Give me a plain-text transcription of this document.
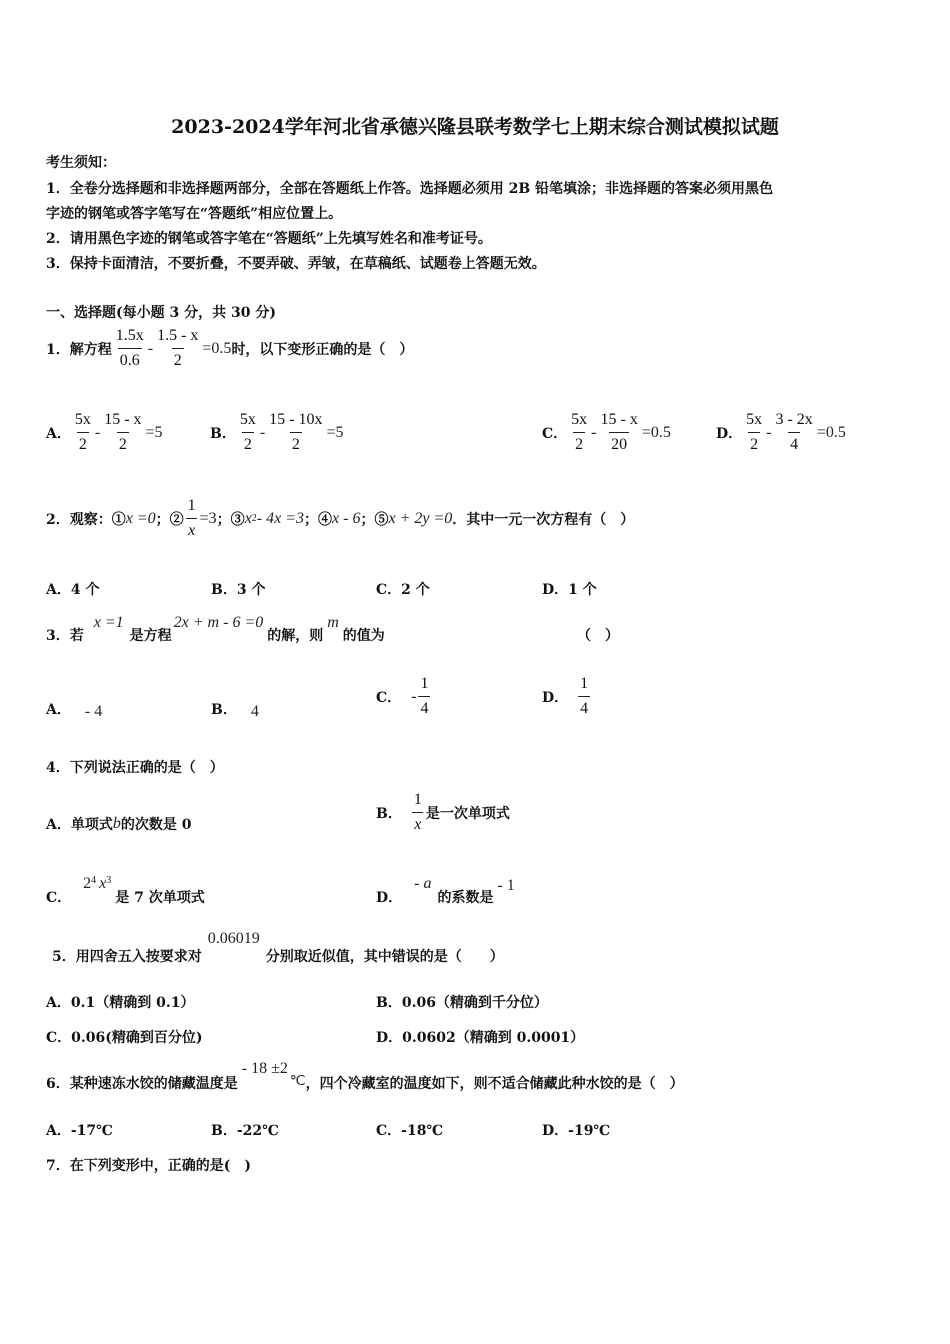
2023-2024学年河北省承德兴隆县联考数学七上期末综合测试模拟试题
考生须知：
1．全卷分选择题和非选择题两部分，全部在答题纸上作答。选择题必须用 2B 铅笔填涂；非选择题的答案必须用黑色
字迹的钢笔或答字笔写在“答题纸”相应位置上。
2．请用黑色字迹的钢笔或答字笔在“答题纸”上先填写姓名和准考证号。
3．保持卡面清洁，不要折叠，不要弄破、弄皱，在草稿纸、试题卷上答题无效。
一、选择题(每小题 3 分，共 30 分)
1．解方程 $\frac{1.5x}{0.6} - \frac{1.5 - x}{2} =0.5$ 时，以下变形正确的是（　）
A． $\frac{5x}{2} - \frac{15 - x}{2} =5$	B． $\frac{5x}{2} - \frac{15 - 10x}{2} =5$	C． $\frac{5x}{2} - \frac{15 - x}{20} =0.5$	D． $\frac{5x}{2} - \frac{3 - 2x}{4} =0.5$
2．观察：① x =0 ；② $\frac{1}{x} =3$ ；③ x 2 - 4x =3 ；④ x - 6 ；⑤ x + 2y =0 ．其中一元一次方程有（　）
A．4 个	B．3 个	C．2 个	D．1 个
3．若
x =1
是方程
2x + m - 6 =0
的解，则
m
的值为	（　）
A． - 4	B． 4
C． - $\frac{1}{4}$	D． $\frac{1}{4}$
4．下列说法正确的是（　）
A．单项式 b 的次数是 0
B． $\frac{1}{x}$ 是一次单项式
C．
2 4 x 3
是 7 次单项式	D．
- a
的系数是
- 1
5．用四舍五入按要求对
0.06019
分别取近似值，其中错误的是（　　）
A．0.1（精确到 0.1）	B．0.06（精确到千分位）
C．0.06(精确到百分位)	D．0.0602（精确到 0.0001）
6．某种速冻水饺的储藏温度是
- 18 ±2
℃ ，四个冷藏室的温度如下，则不适合储藏此种水饺的是（　）
A．-17℃	B．-22℃	C．-18℃	D．-19℃
7．在下列变形中，正确的是(　)
